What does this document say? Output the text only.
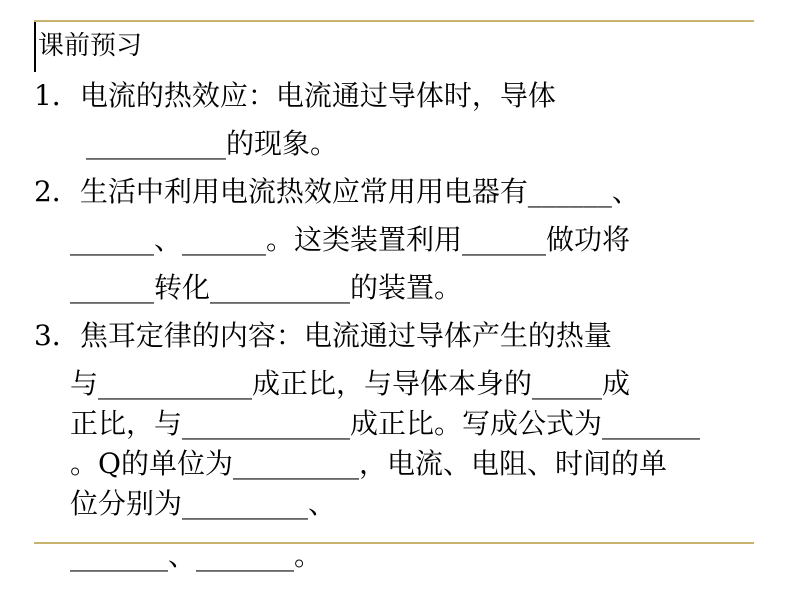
课前预习
1．电流的热效应：电流通过导体时，导体
__________的现象。
2．生活中利用电流热效应常用用电器有______、
______、______。这类装置利用______做功将
______转化__________的装置。
3．焦耳定律的内容：电流通过导体产生的热量
与___________成正比，与导体本身的_____成
正比，与____________成正比。写成公式为_______
。Q的单位为_________，电流、电阻、时间的单
位分别为_________、
_______、_______。
